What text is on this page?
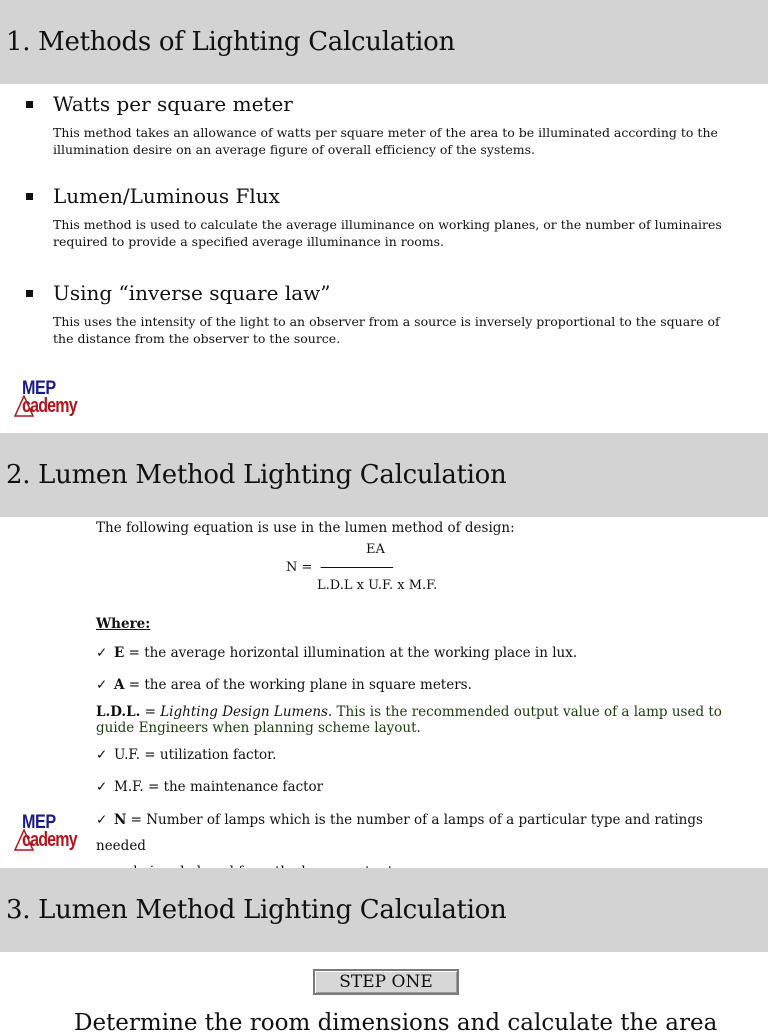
1. Methods of Lighting Calculation
Watts per square meter

This method takes an allowance of watts per square meter of the area to be illuminated according to the illumination desire on an average figure of overall efficiency of the systems.

Lumen/Luminous Flux

This method is used to calculate the average illuminance on working planes, or the number of luminaires required to provide a specified average illuminance in rooms.

Using “inverse square law”

This uses the intensity of the light to an observer from a source is inversely proportional to the square of the distance from the observer to the source.

MEP
cademy
2. Lumen Method Lighting Calculation
The following equation is use in the lumen method of design:
EA
N = -------------------------
L.D.L x U.F. x M.F.
Where:
✓ E = the average horizontal illumination at the working place in lux.
✓ A = the area of the working plane in square meters.
L.D.L. = Lighting Design Lumens. This is the recommended output value of a lamp used to guide Engineers when planning scheme layout.
✓ U.F. = utilization factor.
✓ M.F. = the maintenance factor
✓ N = Number of lamps which is the number of a lamps of a particular type and ratings needed

MEP
cademy
3. Lumen Method Lighting Calculation
STEP ONE
Determine the room dimensions and calculate the area
